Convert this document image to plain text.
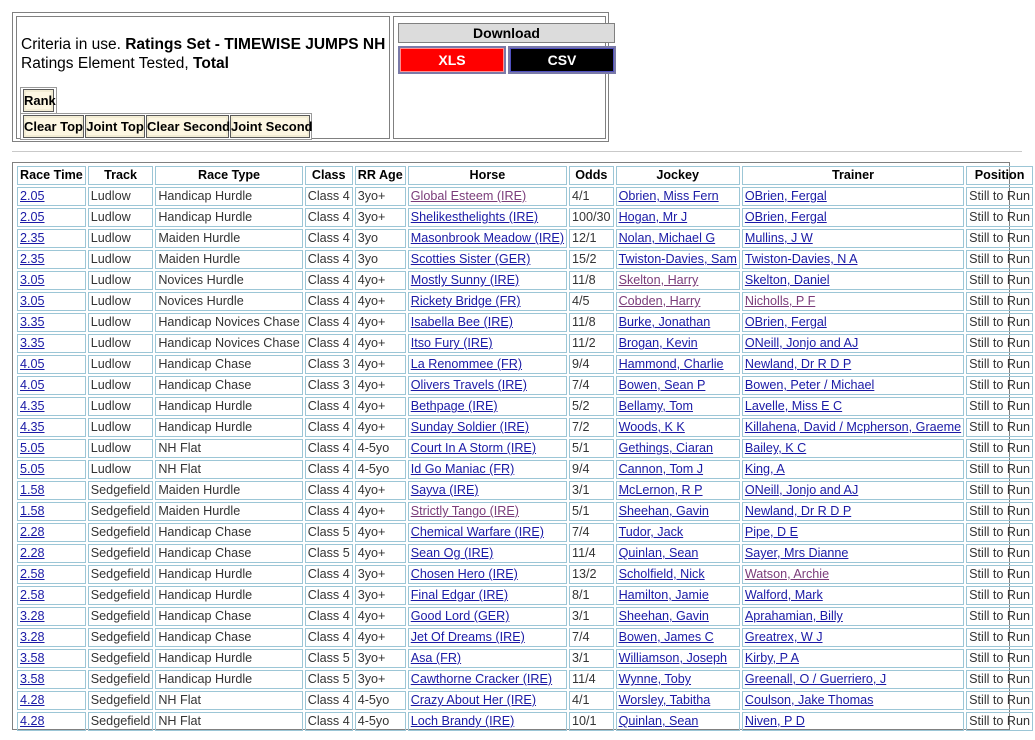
Criteria in use. Ratings Set - TIMEWISE JUMPS NH
Ratings Element Tested, Total
Rank
Clear Top Joint Top Clear Second Joint Second
Download
XLS	CSV
Race Time	Track	Race Type	Class	RR Age	Horse	Odds	Jockey	Trainer	Position
2.05	Ludlow	Handicap Hurdle	Class 4	3yo+	Global Esteem (IRE)	4/1	Obrien, Miss Fern	OBrien, Fergal	Still to Run
2.05	Ludlow	Handicap Hurdle	Class 4	3yo+	Shelikesthelights (IRE)	100/30	Hogan, Mr J	OBrien, Fergal	Still to Run
2.35	Ludlow	Maiden Hurdle	Class 4	3yo	Masonbrook Meadow (IRE)	12/1	Nolan, Michael G	Mullins, J W	Still to Run
2.35	Ludlow	Maiden Hurdle	Class 4	3yo	Scotties Sister (GER)	15/2	Twiston-Davies, Sam	Twiston-Davies, N A	Still to Run
3.05	Ludlow	Novices Hurdle	Class 4	4yo+	Mostly Sunny (IRE)	11/8	Skelton, Harry	Skelton, Daniel	Still to Run
3.05	Ludlow	Novices Hurdle	Class 4	4yo+	Rickety Bridge (FR)	4/5	Cobden, Harry	Nicholls, P F	Still to Run
3.35	Ludlow	Handicap Novices Chase	Class 4	4yo+	Isabella Bee (IRE)	11/8	Burke, Jonathan	OBrien, Fergal	Still to Run
3.35	Ludlow	Handicap Novices Chase	Class 4	4yo+	Itso Fury (IRE)	11/2	Brogan, Kevin	ONeill, Jonjo and AJ	Still to Run
4.05	Ludlow	Handicap Chase	Class 3	4yo+	La Renommee (FR)	9/4	Hammond, Charlie	Newland, Dr R D P	Still to Run
4.05	Ludlow	Handicap Chase	Class 3	4yo+	Olivers Travels (IRE)	7/4	Bowen, Sean P	Bowen, Peter / Michael	Still to Run
4.35	Ludlow	Handicap Hurdle	Class 4	4yo+	Bethpage (IRE)	5/2	Bellamy, Tom	Lavelle, Miss E C	Still to Run
4.35	Ludlow	Handicap Hurdle	Class 4	4yo+	Sunday Soldier (IRE)	7/2	Woods, K K	Killahena, David / Mcpherson, Graeme	Still to Run
5.05	Ludlow	NH Flat	Class 4	4-5yo	Court In A Storm (IRE)	5/1	Gethings, Ciaran	Bailey, K C	Still to Run
5.05	Ludlow	NH Flat	Class 4	4-5yo	Id Go Maniac (FR)	9/4	Cannon, Tom J	King, A	Still to Run
1.58	Sedgefield	Maiden Hurdle	Class 4	4yo+	Sayva (IRE)	3/1	McLernon, R P	ONeill, Jonjo and AJ	Still to Run
1.58	Sedgefield	Maiden Hurdle	Class 4	4yo+	Strictly Tango (IRE)	5/1	Sheehan, Gavin	Newland, Dr R D P	Still to Run
2.28	Sedgefield	Handicap Chase	Class 5	4yo+	Chemical Warfare (IRE)	7/4	Tudor, Jack	Pipe, D E	Still to Run
2.28	Sedgefield	Handicap Chase	Class 5	4yo+	Sean Og (IRE)	11/4	Quinlan, Sean	Sayer, Mrs Dianne	Still to Run
2.58	Sedgefield	Handicap Hurdle	Class 4	3yo+	Chosen Hero (IRE)	13/2	Scholfield, Nick	Watson, Archie	Still to Run
2.58	Sedgefield	Handicap Hurdle	Class 4	3yo+	Final Edgar (IRE)	8/1	Hamilton, Jamie	Walford, Mark	Still to Run
3.28	Sedgefield	Handicap Chase	Class 4	4yo+	Good Lord (GER)	3/1	Sheehan, Gavin	Aprahamian, Billy	Still to Run
3.28	Sedgefield	Handicap Chase	Class 4	4yo+	Jet Of Dreams (IRE)	7/4	Bowen, James C	Greatrex, W J	Still to Run
3.58	Sedgefield	Handicap Hurdle	Class 5	3yo+	Asa (FR)	3/1	Williamson, Joseph	Kirby, P A	Still to Run
3.58	Sedgefield	Handicap Hurdle	Class 5	3yo+	Cawthorne Cracker (IRE)	11/4	Wynne, Toby	Greenall, O / Guerriero, J	Still to Run
4.28	Sedgefield	NH Flat	Class 4	4-5yo	Crazy About Her (IRE)	4/1	Worsley, Tabitha	Coulson, Jake Thomas	Still to Run
4.28	Sedgefield	NH Flat	Class 4	4-5yo	Loch Brandy (IRE)	10/1	Quinlan, Sean	Niven, P D	Still to Run
